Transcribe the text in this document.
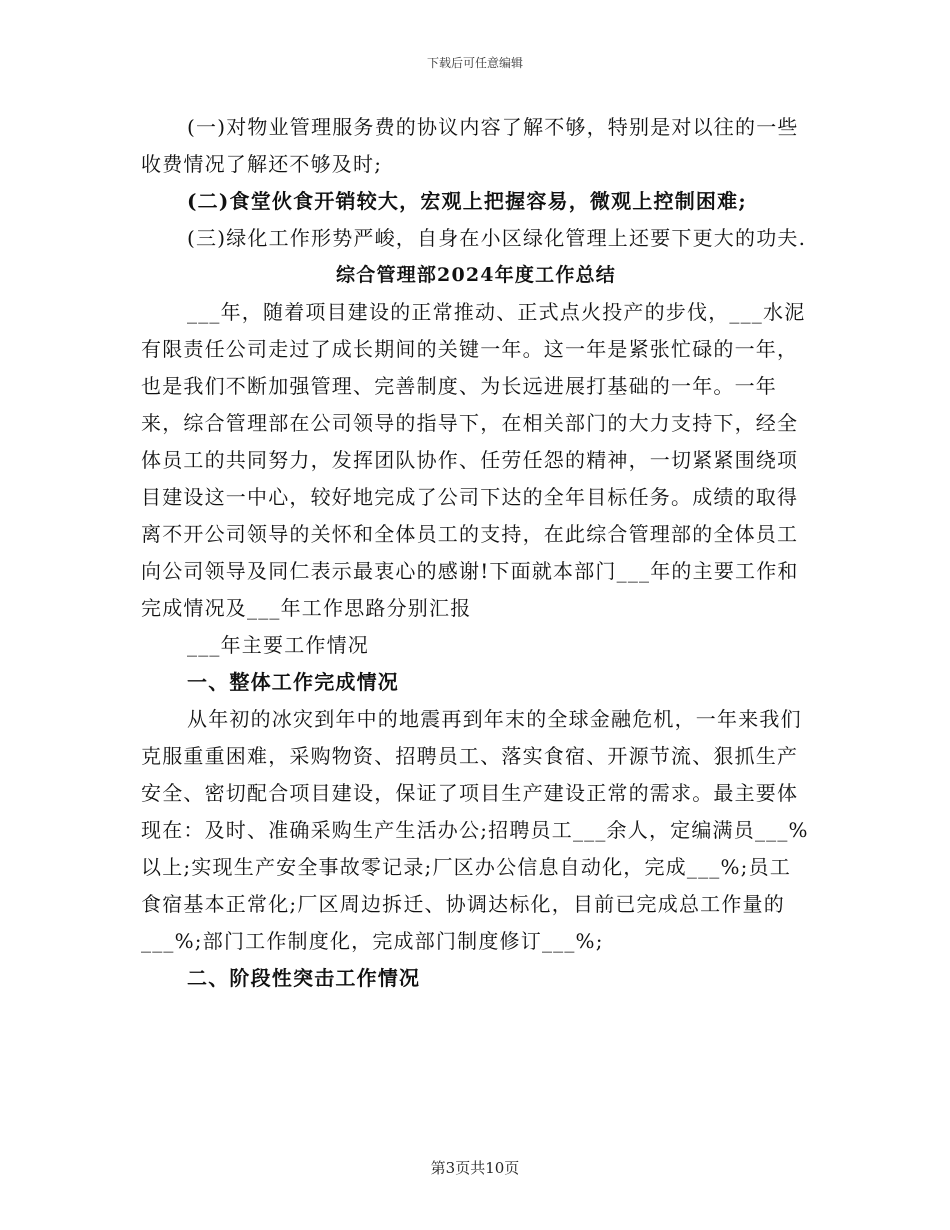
下载后可任意编辑

(一)对物业管理服务费的协议内容了解不够，特别是对以往的一些收费情况了解还不够及时;

(二)食堂伙食开销较大，宏观上把握容易，微观上控制困难;

(三)绿化工作形势严峻，自身在小区绿化管理上还要下更大的功夫.

综合管理部2024年度工作总结

___年，随着项目建设的正常推动、正式点火投产的步伐，___水泥有限责任公司走过了成长期间的关键一年。这一年是紧张忙碌的一年，也是我们不断加强管理、完善制度、为长远进展打基础的一年。一年来，综合管理部在公司领导的指导下，在相关部门的大力支持下，经全体员工的共同努力，发挥团队协作、任劳任怨的精神，一切紧紧围绕项目建设这一中心，较好地完成了公司下达的全年目标任务。成绩的取得离不开公司领导的关怀和全体员工的支持，在此综合管理部的全体员工向公司领导及同仁表示最衷心的感谢!下面就本部门___年的主要工作和完成情况及___年工作思路分别汇报

___年主要工作情况

一、整体工作完成情况

从年初的冰灾到年中的地震再到年末的全球金融危机，一年来我们克服重重困难，采购物资、招聘员工、落实食宿、开源节流、狠抓生产安全、密切配合项目建设，保证了项目生产建设正常的需求。最主要体现在：及时、准确采购生产生活办公;招聘员工___余人，定编满员___%以上;实现生产安全事故零记录;厂区办公信息自动化，完成___%;员工食宿基本正常化;厂区周边拆迁、协调达标化，目前已完成总工作量的___%;部门工作制度化，完成部门制度修订___%;

二、阶段性突击工作情况

第3页共10页
